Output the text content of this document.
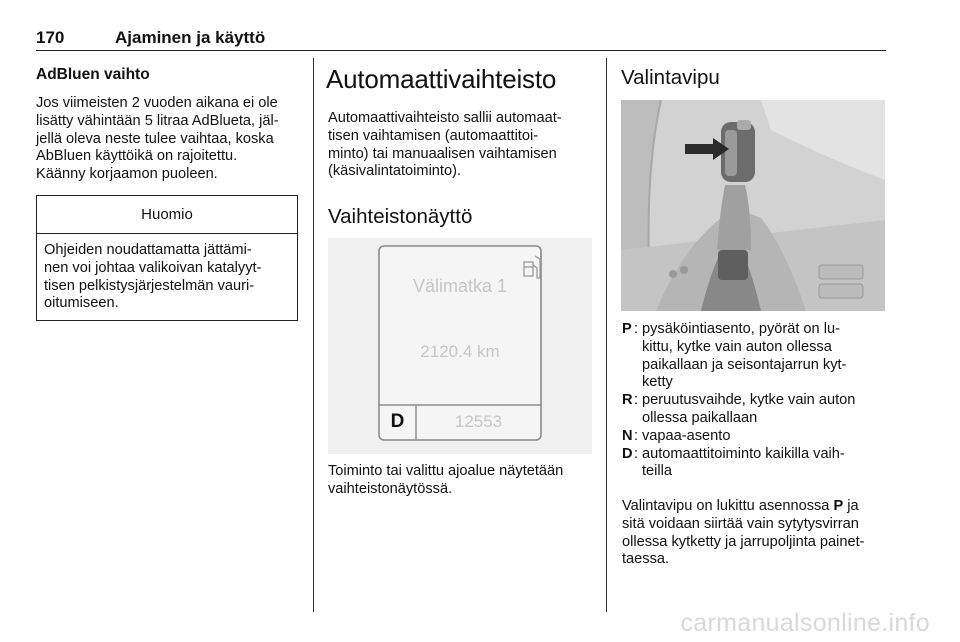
170	Ajaminen ja käyttö
AdBluen vaihto

Jos viimeisten 2 vuoden aikana ei ole

lisätty vähintään 5 litraa AdBlueta, jäl-

jellä oleva neste tulee vaihtaa, koska

AbBluen käyttöikä on rajoitettu.

Käänny korjaamon puoleen.

Huomio

Ohjeiden noudattamatta jättämi-

nen voi johtaa valikoivan katalyyt-

tisen pelkistysjärjestelmän vauri-

oitumiseen.

Automaattivaihteisto

Automaattivaihteisto sallii automaat-

tisen vaihtamisen (automaattitoi-

minto) tai manuaalisen vaihtamisen

(käsivalintatoiminto).

Vaihteistonäyttö
Välimatka 1
2120.4 km
D	12553

Toiminto tai valittu ajoalue näytetään

vaihteistonäytössä.

Valintavipu
P : pysäköintiasento, pyörät on lu-
kittu, kytke vain auton ollessa
paikallaan ja seisontajarrun kyt-
ketty
R : peruutusvaihde, kytke vain auton
ollessa paikallaan
N : vapaa-asento
D : automaattitoiminto kaikilla vaih-
teilla

Valintavipu on lukittu asennossa P ja

sitä voidaan siirtää vain sytytysvirran

ollessa kytketty ja jarrupoljinta painet-

taessa.

carmanualsonline.info
